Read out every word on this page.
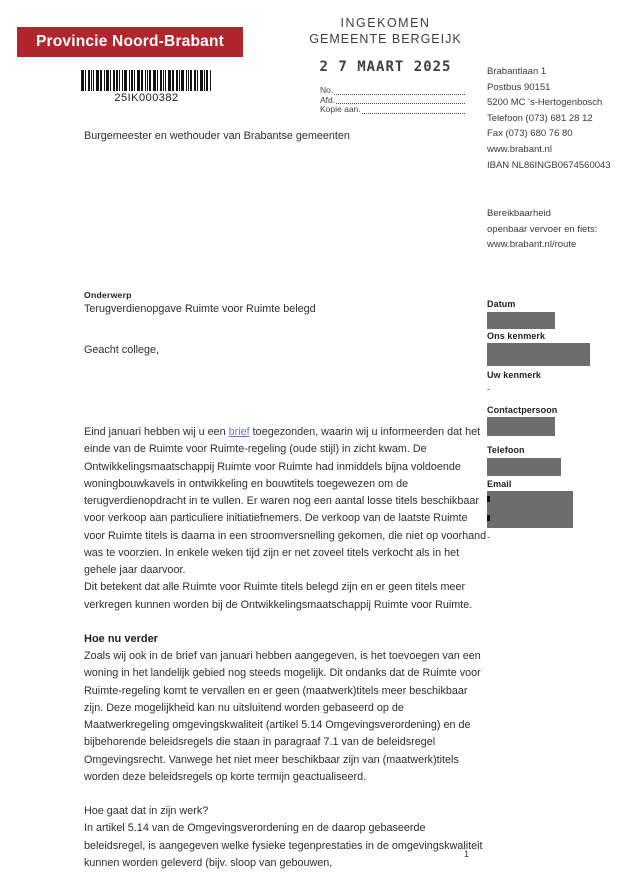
Provincie Noord-Brabant
25IK000382
INGEKOMEN
GEMEENTE BERGEIJK
2 7 MAART 2025
No.
Afd.
Kopie aan.
Brabantlaan 1
Postbus 90151
5200 MC 's-Hertogenbosch
Telefoon (073) 681 28 12
Fax (073) 680 76 80
www.brabant.nl
IBAN NL86INGB0674560043
Bereikbaarheid
openbaar vervoer en fiets:
www.brabant.nl/route
Datum
Ons kenmerk
Uw kenmerk
-
Contactpersoon
Telefoon
Email
-
Burgemeester en wethouder van Brabantse gemeenten
Onderwerp
Terugverdienopgave Ruimte voor Ruimte belegd
Geacht college,
Eind januari hebben wij u een brief toegezonden, waarin wij u informeerden dat het einde van de Ruimte voor Ruimte-regeling (oude stijl) in zicht kwam. De Ontwikkelingsmaatschappij Ruimte voor Ruimte had inmiddels bijna voldoende woningbouwkavels in ontwikkeling en bouwtitels toegewezen om de terugverdienopdracht in te vullen. Er waren nog een aantal losse titels beschikbaar voor verkoop aan particuliere initiatiefnemers. De verkoop van de laatste Ruimte voor Ruimte titels is daarna in een stroomversnelling gekomen, die niet op voorhand was te voorzien. In enkele weken tijd zijn er net zoveel titels verkocht als in het gehele jaar daarvoor.
Dit betekent dat alle Ruimte voor Ruimte titels belegd zijn en er geen titels meer verkregen kunnen worden bij de Ontwikkelingsmaatschappij Ruimte voor Ruimte.
Hoe nu verder
Zoals wij ook in de brief van januari hebben aangegeven, is het toevoegen van een woning in het landelijk gebied nog steeds mogelijk. Dit ondanks dat de Ruimte voor Ruimte-regeling komt te vervallen en er geen (maatwerk)titels meer beschikbaar zijn. Deze mogelijkheid kan nu uitsluitend worden gebaseerd op de Maatwerkregeling omgevingskwaliteit (artikel 5.14 Omgevingsverordening) en de bijbehorende beleidsregels die staan in paragraaf 7.1 van de beleidsregel Omgevingsrecht. Vanwege het niet meer beschikbaar zijn van (maatwerk)titels worden deze beleidsregels op korte termijn geactualiseerd.
Hoe gaat dat in zijn werk?
In artikel 5.14 van de Omgevingsverordening en de daarop gebaseerde beleidsregel, is aangegeven welke fysieke tegenprestaties in de omgevingskwaliteit kunnen worden geleverd (bijv. sloop van gebouwen,
1
